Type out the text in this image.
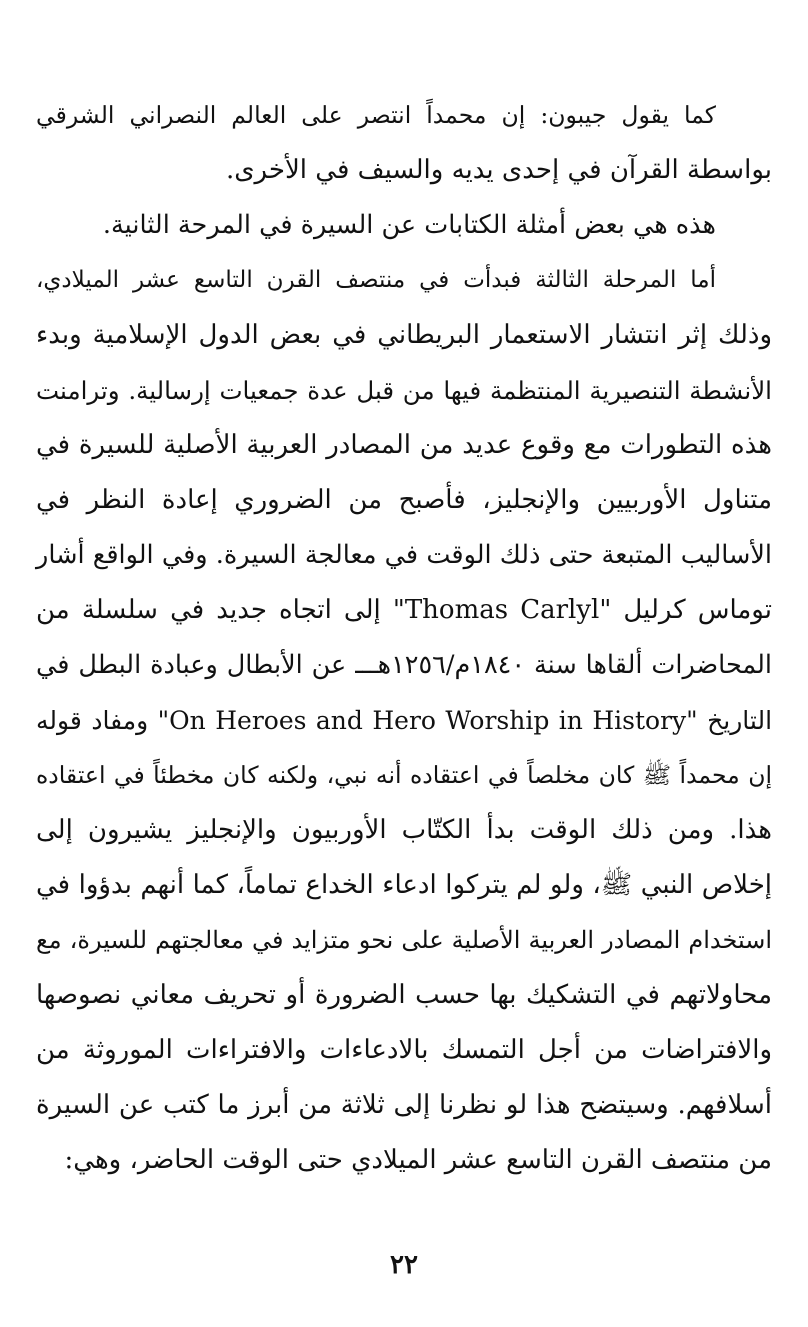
كما يقول جيبون: إن محمداً انتصر على العالم النصراني الشرقي
بواسطة القرآن في إحدى يديه والسيف في الأخرى.

هذه هي بعض أمثلة الكتابات عن السيرة في المرحة الثانية.

أما المرحلة الثالثة فبدأت في منتصف القرن التاسع عشر الميلادي،
وذلك إثر انتشار الاستعمار البريطاني في بعض الدول الإسلامية وبدء
الأنشطة التنصيرية المنتظمة فيها من قبل عدة جمعيات إرسالية. وترامنت
هذه التطورات مع وقوع عديد من المصادر العربية الأصلية للسيرة في
متناول الأوربيين والإنجليز، فأصبح من الضروري إعادة النظر في
الأساليب المتبعة حتى ذلك الوقت في معالجة السيرة. وفي الواقع أشار
توماس كرليل "Thomas Carlyl" إلى اتجاه جديد في سلسلة من
المحاضرات ألقاها سنة ١٨٤٠م/١٢٥٦هـــ عن الأبطال وعبادة البطل في
التاريخ "On Heroes and Hero Worship in History" ومفاد قوله
إن محمداً ﷺ كان مخلصاً في اعتقاده أنه نبي، ولكنه كان مخطئاً في اعتقاده
هذا. ومن ذلك الوقت بدأ الكتّاب الأوربيون والإنجليز يشيرون إلى
إخلاص النبي ﷺ، ولو لم يتركوا ادعاء الخداع تماماً، كما أنهم بدؤوا في
استخدام المصادر العربية الأصلية على نحو متزايد في معالجتهم للسيرة، مع
محاولاتهم في التشكيك بها حسب الضرورة أو تحريف معاني نصوصها
والافتراضات من أجل التمسك بالادعاءات والافتراءات الموروثة من
أسلافهم. وسيتضح هذا لو نظرنا إلى ثلاثة من أبرز ما كتب عن السيرة
من منتصف القرن التاسع عشر الميلادي حتى الوقت الحاضر، وهي:

٢٢
